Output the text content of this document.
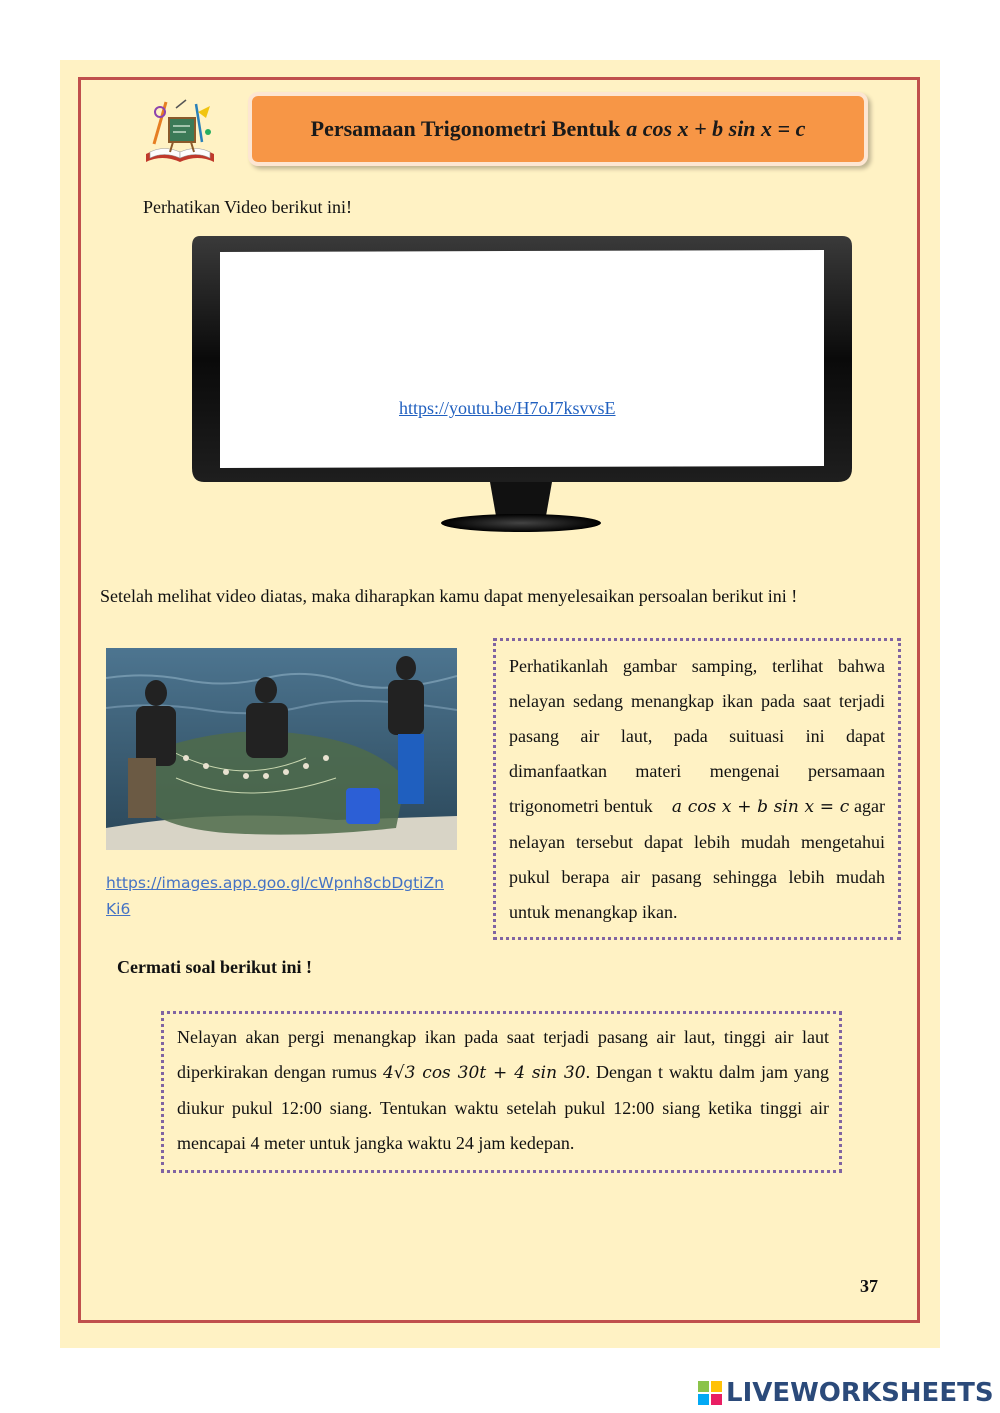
Persamaan Trigonometri Bentuk a cos x + b sin x = c
Perhatikan Video berikut ini!
https://youtu.be/H7oJ7ksvvsE
Setelah melihat video diatas, maka diharapkan kamu dapat menyelesaikan persoalan berikut ini !
https://images.app.goo.gl/cWpnh8cbDgtiZnKi6
Perhatikanlah gambar samping, terlihat bahwa nelayan sedang menangkap ikan pada saat terjadi pasang air laut, pada suituasi ini dapat dimanfaatkan materi mengenai persamaan trigonometri bentuk a cos x + b sin x = c agar nelayan tersebut dapat lebih mudah mengetahui pukul berapa air pasang sehingga lebih mudah untuk menangkap ikan.
Cermati soal berikut ini !
Nelayan akan pergi menangkap ikan pada saat terjadi pasang air laut, tinggi air laut diperkirakan dengan rumus 4√3 cos 30t + 4 sin 30. Dengan t waktu dalm jam yang diukur pukul 12:00 siang. Tentukan waktu setelah pukul 12:00 siang ketika tinggi air mencapai 4 meter untuk jangka waktu 24 jam kedepan.
37
LIVEWORKSHEETS
